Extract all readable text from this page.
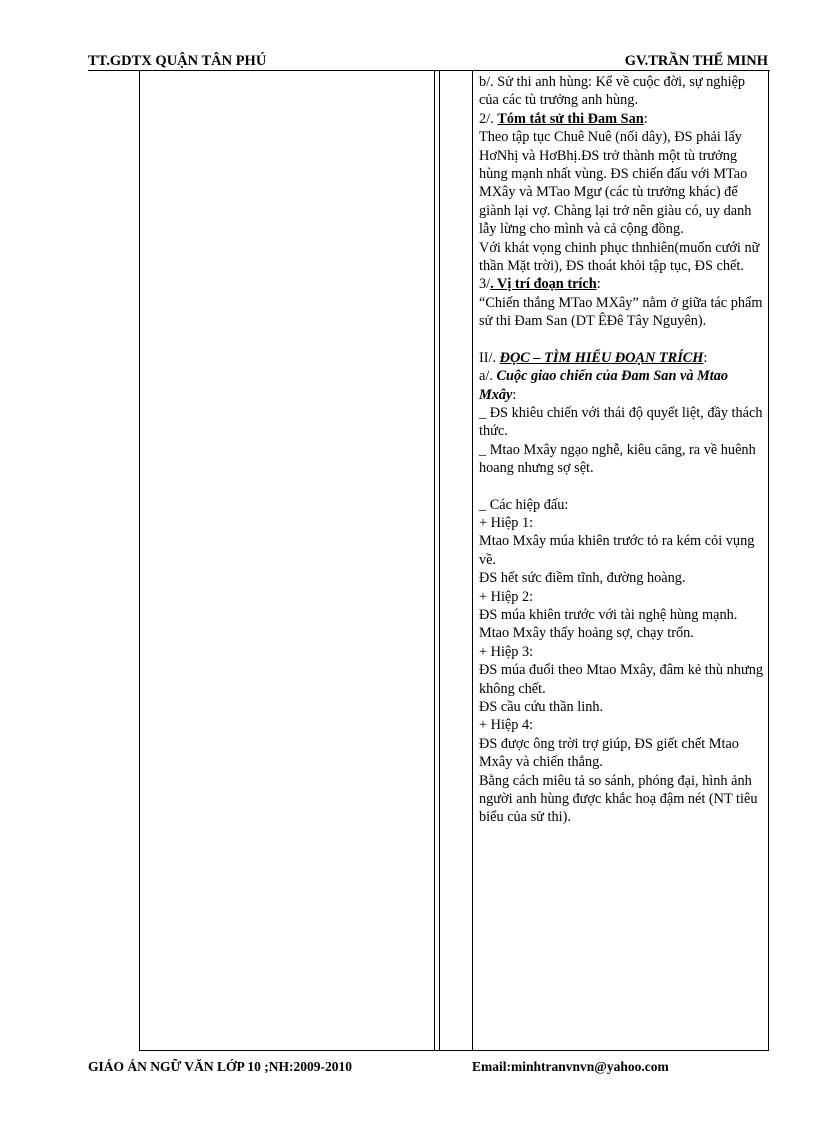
TT.GDTX QUẬN TÂN PHÚ	GV.TRẦN THẾ MINH

b/. Sử thi anh hùng: Kể về cuộc đời, sự nghiệp của các tù trưởng anh hùng.

2/. Tóm tắt sử thi Đam San:

Theo tập tục Chuê Nuê (nối dây), ĐS phải lấy HơNhị và HơBhị.ĐS trở thành một tù trưởng hùng mạnh nhất vùng. ĐS chiến đấu với MTao MXây và MTao Mgư (các tù trưởng khác) để giành lại vợ. Chàng lại trở nên giàu có, uy danh lẫy lừng cho mình và cả cộng đồng.

Với khát vọng chinh phục thnhiên(muốn cưới nữ thần Mặt trời), ĐS thoát khỏi tập tục, ĐS chết.

3/. Vị trí đoạn trích:

“Chiến thắng MTao MXây” nằm ở giữa tác phẩm sử thi Đam San (DT ÊĐê Tây Nguyên).

II/. ĐỌC – TÌM HIỂU ĐOẠN TRÍCH:

a/. Cuộc giao chiến của Đam San và Mtao Mxây:

_ ĐS khiêu chiến với thái độ quyết liệt, đầy thách thức.

_ Mtao Mxây ngạo nghễ, kiêu căng, ra về huênh hoang nhưng sợ sệt.

_ Các hiệp đấu:

+ Hiệp 1:

Mtao Mxây múa khiên trước tỏ ra kém cỏi vụng về.

ĐS hết sức điềm tĩnh, đường hoàng.

+ Hiệp 2:

ĐS múa khiên trước với tài nghệ hùng mạnh.

Mtao Mxây thấy hoảng sợ, chạy trốn.

+ Hiệp 3:

ĐS múa đuổi theo Mtao Mxây, đâm kẻ thù nhưng không chết.

ĐS cầu cứu thần linh.

+ Hiệp 4:

ĐS được ông trời trợ giúp, ĐS giết chết Mtao Mxây và chiến thắng.

Bằng cách miêu tả so sánh, phóng đại, hình ảnh người anh hùng được khắc hoạ đậm nét (NT tiêu biểu của sử thi).

GIÁO ÁN NGỮ VĂN LỚP 10 ;NH:2009-2010	Email:minhtranvnvn@yahoo.com
